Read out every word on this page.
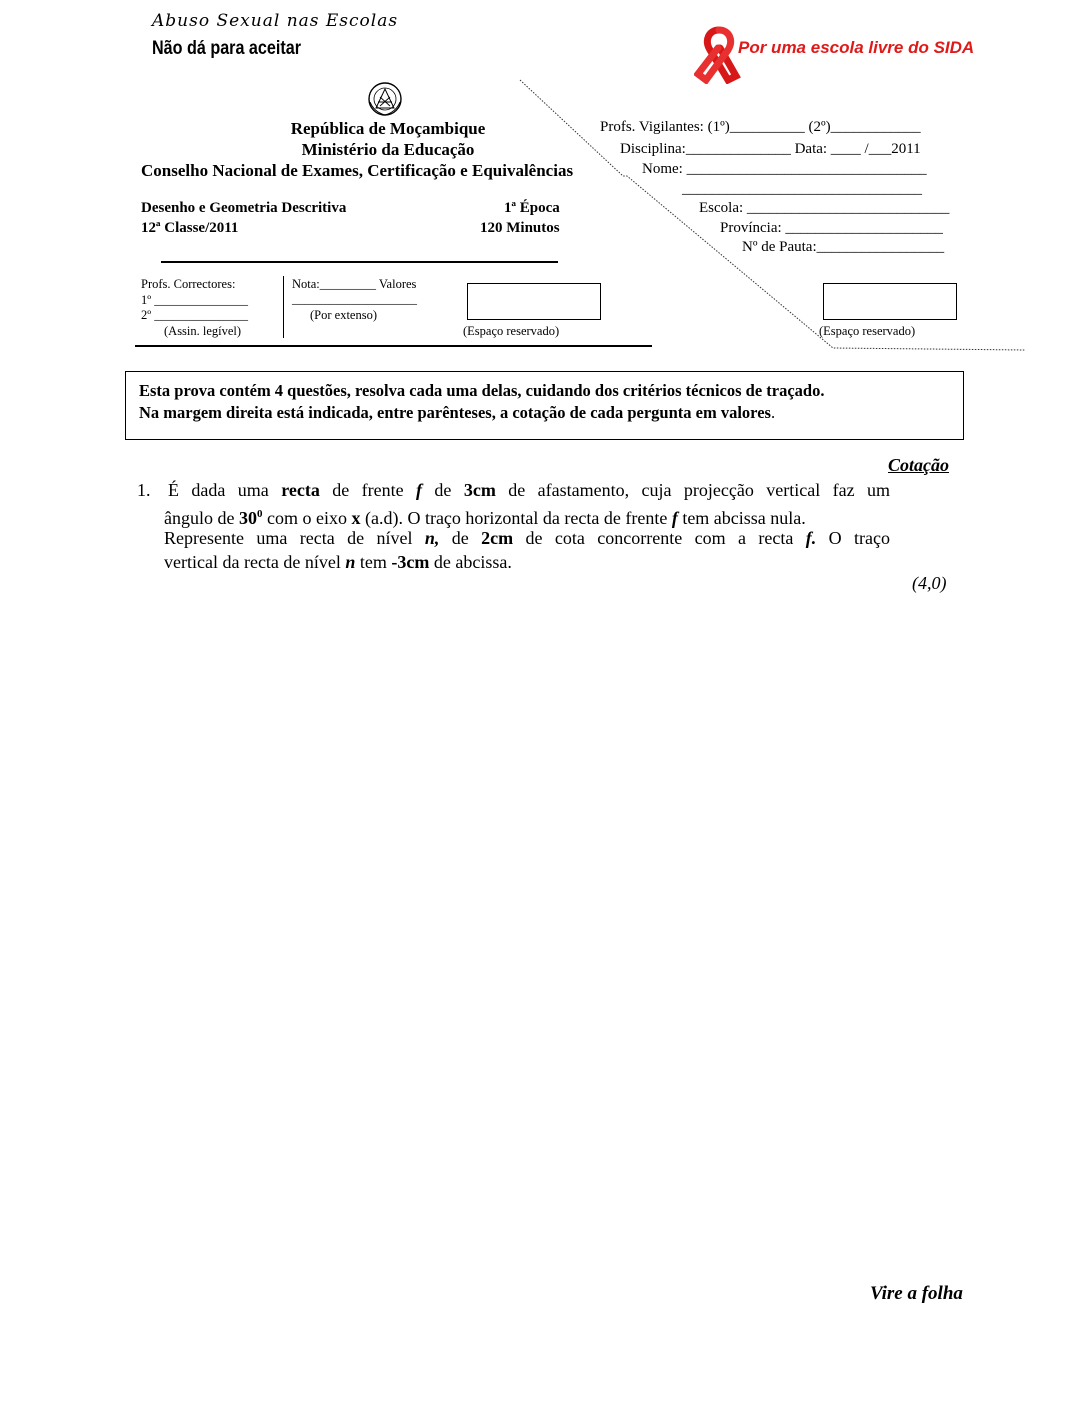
Abuso Sexual nas Escolas
Não dá para aceitar	Por uma escola livre do SIDA
República de Moçambique
Ministério da Educação
Conselho Nacional de Exames, Certificação e Equivalências
Desenho e Geometria Descritiva
12ª Classe/2011
1ª Época
120 Minutos
Profs. Vigilantes: (1º)__________ (2º)____________
Disciplina:______________ Data: ____ /___2011
Nome: ________________________________
________________________________
Escola: ___________________________
Província: _____________________
Nº de Pauta:_________________
Profs. Correctores:
1º _______________
2º _______________
(Assin. legível)
Nota:_________ Valores
____________________
(Por extenso)
(Espaço reservado)	(Espaço reservado)
Esta prova contém 4 questões, resolva cada uma delas, cuidando dos critérios técnicos de traçado.
Na margem direita está indicada, entre parênteses, a cotação de cada pergunta em valores.
Cotação
1. É dada uma recta de frente f de 3cm de afastamento, cuja projecção vertical faz um
ângulo de $30^0$ com o eixo x (a.d). O traço horizontal da recta de frente f tem abcissa nula.
Represente uma recta de nível n, de 2cm de cota concorrente com a recta f. O traço
vertical da recta de nível n tem -3cm de abcissa.
(4,0)
Vire a folha
